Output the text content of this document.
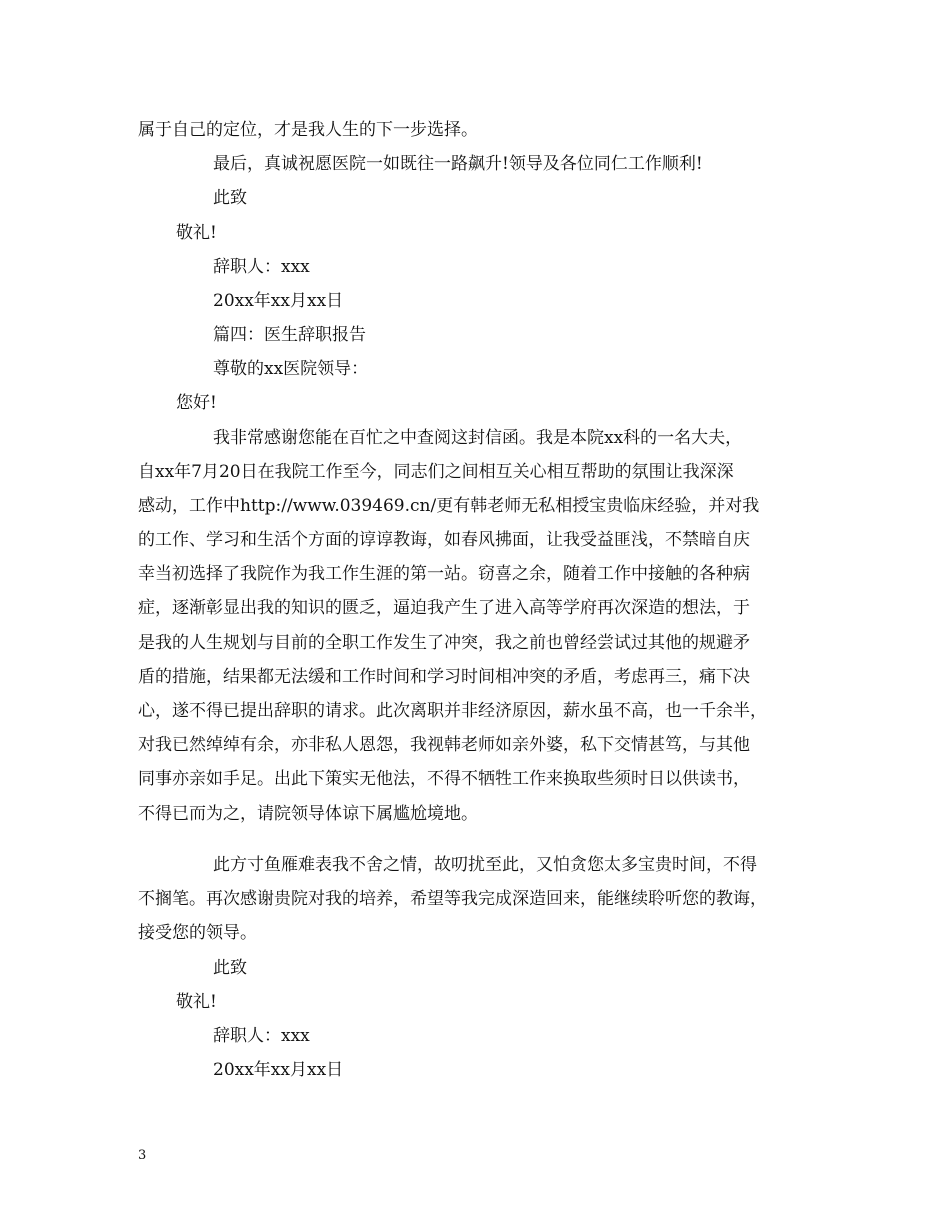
属于自己的定位，才是我人生的下一步选择。
最后，真诚祝愿医院一如既往一路飙升!领导及各位同仁工作顺利!
此致
敬礼!
辞职人：xxx
20xx年xx月xx日
篇四：医生辞职报告
尊敬的xx医院领导：
您好!
我非常感谢您能在百忙之中查阅这封信函。我是本院xx科的一名大夫，
自xx年7月20日在我院工作至今，同志们之间相互关心相互帮助的氛围让我深深
感动，工作中http://www.039469.cn/更有韩老师无私相授宝贵临床经验，并对我
的工作、学习和生活个方面的谆谆教诲，如春风拂面，让我受益匪浅，不禁暗自庆
幸当初选择了我院作为我工作生涯的第一站。窃喜之余，随着工作中接触的各种病
症，逐渐彰显出我的知识的匮乏，逼迫我产生了进入高等学府再次深造的想法，于
是我的人生规划与目前的全职工作发生了冲突，我之前也曾经尝试过其他的规避矛
盾的措施，结果都无法缓和工作时间和学习时间相冲突的矛盾，考虑再三，痛下决
心，遂不得已提出辞职的请求。此次离职并非经济原因，薪水虽不高，也一千余半，
对我已然绰绰有余，亦非私人恩怨，我视韩老师如亲外婆，私下交情甚笃，与其他
同事亦亲如手足。出此下策实无他法，不得不牺牲工作来换取些须时日以供读书，
不得已而为之，请院领导体谅下属尴尬境地。
此方寸鱼雁难表我不舍之情，故叨扰至此，又怕贪您太多宝贵时间，不得
不搁笔。再次感谢贵院对我的培养，希望等我完成深造回来，能继续聆听您的教诲，
接受您的领导。
此致
敬礼!
辞职人：xxx
20xx年xx月xx日
3
